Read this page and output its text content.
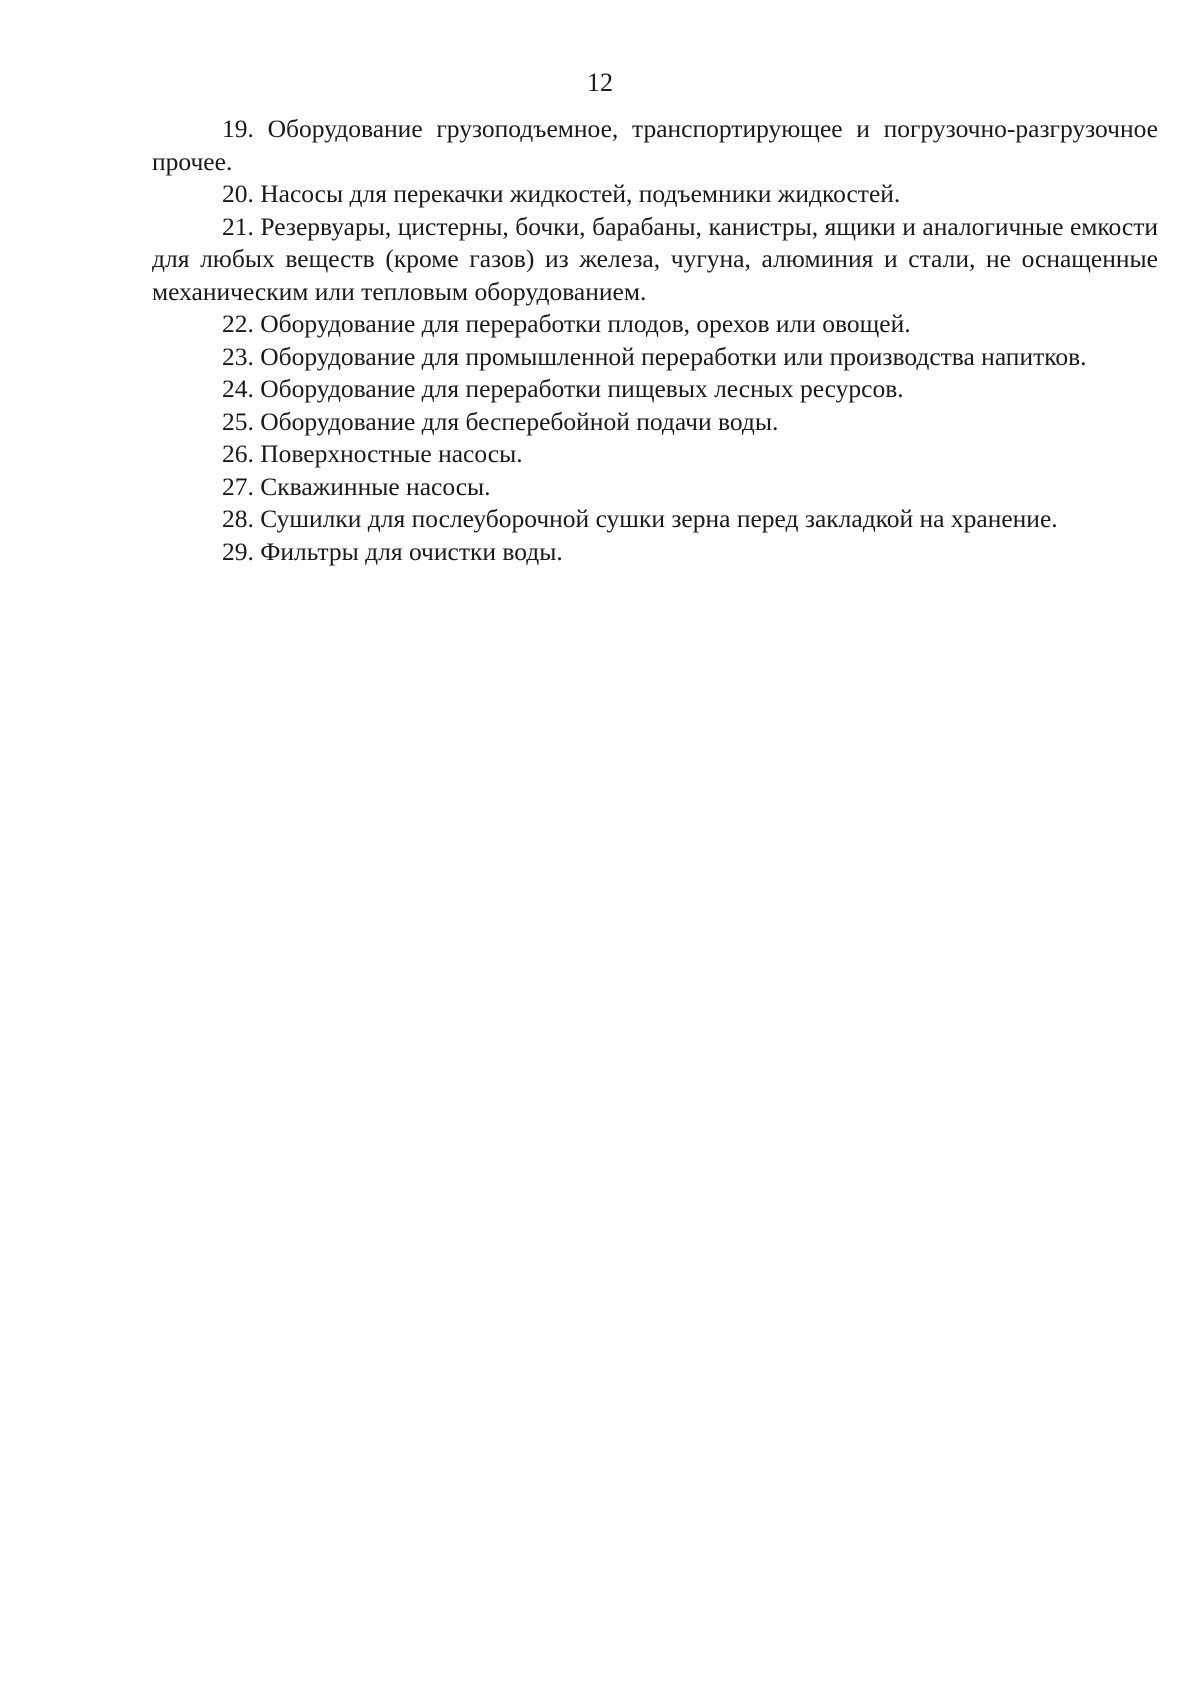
12

19. Оборудование грузоподъемное, транспортирующее и погрузочно-разгрузочное прочее.

20. Насосы для перекачки жидкостей, подъемники жидкостей.

21. Резервуары, цистерны, бочки, барабаны, канистры, ящики и аналогичные емкости для любых веществ (кроме газов) из железа, чугуна, алюминия и стали, не оснащенные механическим или тепловым оборудованием.

22. Оборудование для переработки плодов, орехов или овощей.

23. Оборудование для промышленной переработки или производства напитков.

24. Оборудование для переработки пищевых лесных ресурсов.

25. Оборудование для бесперебойной подачи воды.

26. Поверхностные насосы.

27. Скважинные насосы.

28. Сушилки для послеуборочной сушки зерна перед закладкой на хранение.

29. Фильтры для очистки воды.
